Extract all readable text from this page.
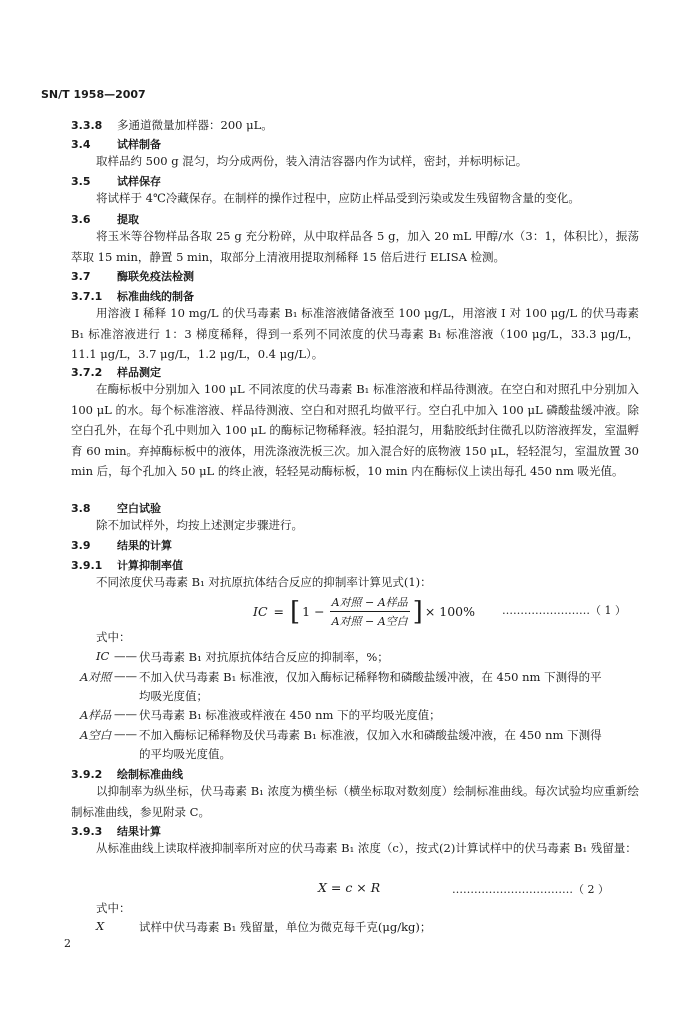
SN/T 1958—2007
3.3.8 多通道微量加样器：200 μL。
3.4 试样制备
取样品约 500 g 混匀，均分成两份，装入清洁容器内作为试样，密封，并标明标记。
3.5 试样保存
将试样于 4℃冷藏保存。在制样的操作过程中，应防止样品受到污染或发生残留物含量的变化。
3.6 提取
将玉米等谷物样品各取 25 g 充分粉碎，从中取样品各 5 g，加入 20 mL 甲醇/水（3：1，体积比），振荡萃取 15 min，静置 5 min，取部分上清液用提取剂稀释 15 倍后进行 ELISA 检测。
3.7 酶联免疫法检测
3.7.1 标准曲线的制备
用溶液 I 稀释 10 mg/L 的伏马毒素 B₁ 标准溶液储备液至 100 μg/L，用溶液 I 对 100 μg/L 的伏马毒素 B₁ 标准溶液进行 1：3 梯度稀释，得到一系列不同浓度的伏马毒素 B₁ 标准溶液（100 μg/L，33.3 μg/L，11.1 μg/L，3.7 μg/L，1.2 μg/L，0.4 μg/L）。
3.7.2 样品测定
在酶标板中分别加入 100 μL 不同浓度的伏马毒素 B₁ 标准溶液和样品待测液。在空白和对照孔中分别加入 100 μL 的水。每个标准溶液、样品待测液、空白和对照孔均做平行。空白孔中加入 100 μL 磷酸盐缓冲液。除空白孔外，在每个孔中则加入 100 μL 的酶标记物稀释液。轻拍混匀，用黏胶纸封住微孔以防溶液挥发，室温孵育 60 min。弃掉酶标板中的液体，用洗涤液洗板三次。加入混合好的底物液 150 μL，轻轻混匀，室温放置 30 min 后，每个孔加入 50 μL 的终止液，轻轻晃动酶标板，10 min 内在酶标仪上读出每孔 450 nm 吸光值。
3.8 空白试验
除不加试样外，均按上述测定步骤进行。
3.9 结果的计算
3.9.1 计算抑制率值
不同浓度伏马毒素 B₁ 对抗原抗体结合反应的抑制率计算见式(1)：
IC = [ $1 - \frac{\text{A对照 − A样品}}{\text{A对照 − A空白}}$ ] × 100% ……………………（ 1 ）
式中：
IC —— 伏马毒素 B₁ 对抗原抗体结合反应的抑制率，%；
A对照 —— 不加入伏马毒素 B₁ 标准液，仅加入酶标记稀释物和磷酸盐缓冲液，在 450 nm 下测得的平
均吸光度值；
A样品 —— 伏马毒素 B₁ 标准液或样液在 450 nm 下的平均吸光度值；
A空白 —— 不加入酶标记稀释物及伏马毒素 B₁ 标准液，仅加入水和磷酸盐缓冲液，在 450 nm 下测得
的平均吸光度值。
3.9.2 绘制标准曲线
以抑制率为纵坐标，伏马毒素 B₁ 浓度为横坐标（横坐标取对数刻度）绘制标准曲线。每次试验均应重新绘制标准曲线，参见附录 C。
3.9.3 结果计算
从标准曲线上读取样液抑制率所对应的伏马毒素 B₁ 浓度（c），按式(2)计算试样中的伏马毒素 B₁ 残留量：
X = c × R	……………………………（ 2 ）
式中：
X	试样中伏马毒素 B₁ 残留量，单位为微克每千克(μg/kg)；
2
